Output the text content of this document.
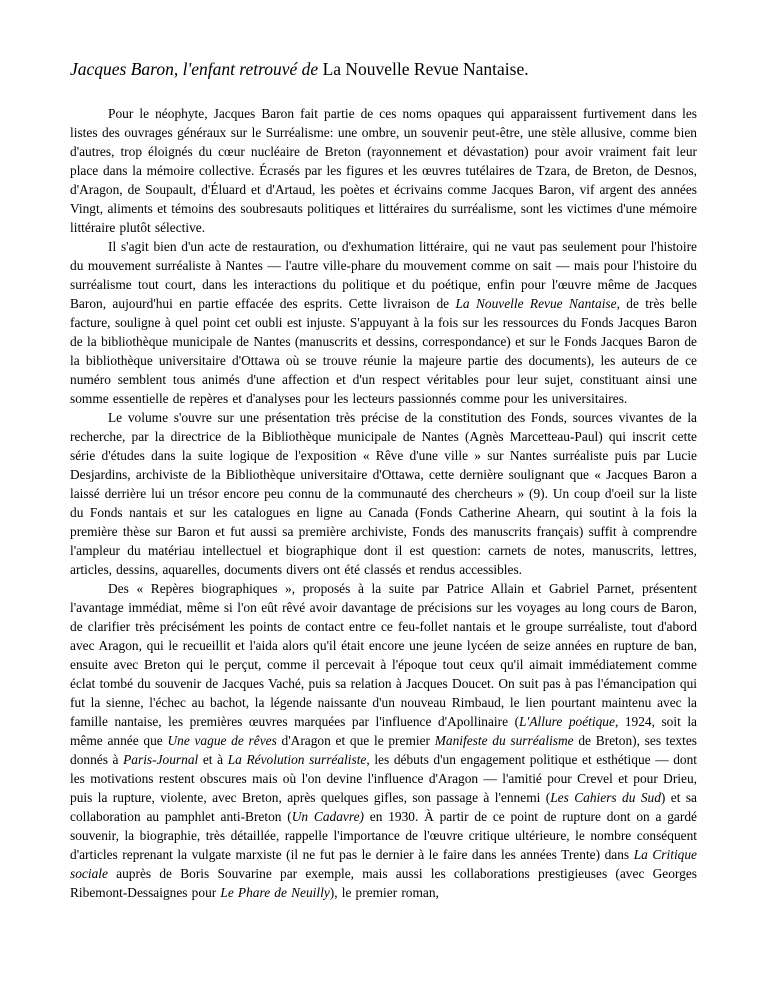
Jacques Baron, l'enfant retrouvé de La Nouvelle Revue Nantaise.

Pour le néophyte, Jacques Baron fait partie de ces noms opaques qui apparaissent furtivement dans les listes des ouvrages généraux sur le Surréalisme: une ombre, un souvenir peut-être, une stèle allusive, comme bien d'autres, trop éloignés du cœur nucléaire de Breton (rayonnement et dévastation) pour avoir vraiment fait leur place dans la mémoire collective. Écrasés par les figures et les œuvres tutélaires de Tzara, de Breton, de Desnos, d'Aragon, de Soupault, d'Éluard et d'Artaud, les poètes et écrivains comme Jacques Baron, vif argent des années Vingt, aliments et témoins des soubresauts politiques et littéraires du surréalisme, sont les victimes d'une mémoire littéraire plutôt sélective.

Il s'agit bien d'un acte de restauration, ou d'exhumation littéraire, qui ne vaut pas seulement pour l'histoire du mouvement surréaliste à Nantes — l'autre ville-phare du mouvement comme on sait — mais pour l'histoire du surréalisme tout court, dans les interactions du politique et du poétique, enfin pour l'œuvre même de Jacques Baron, aujourd'hui en partie effacée des esprits. Cette livraison de La Nouvelle Revue Nantaise, de très belle facture, souligne à quel point cet oubli est injuste. S'appuyant à la fois sur les ressources du Fonds Jacques Baron de la bibliothèque municipale de Nantes (manuscrits et dessins, correspondance) et sur le Fonds Jacques Baron de la bibliothèque universitaire d'Ottawa où se trouve réunie la majeure partie des documents), les auteurs de ce numéro semblent tous animés d'une affection et d'un respect véritables pour leur sujet, constituant ainsi une somme essentielle de repères et d'analyses pour les lecteurs passionnés comme pour les universitaires.

Le volume s'ouvre sur une présentation très précise de la constitution des Fonds, sources vivantes de la recherche, par la directrice de la Bibliothèque municipale de Nantes (Agnès Marcetteau-Paul) qui inscrit cette série d'études dans la suite logique de l'exposition « Rêve d'une ville » sur Nantes surréaliste puis par Lucie Desjardins, archiviste de la Bibliothèque universitaire d'Ottawa, cette dernière soulignant que « Jacques Baron a laissé derrière lui un trésor encore peu connu de la communauté des chercheurs » (9). Un coup d'oeil sur la liste du Fonds nantais et sur les catalogues en ligne au Canada (Fonds Catherine Ahearn, qui soutint à la fois la première thèse sur Baron et fut aussi sa première archiviste, Fonds des manuscrits français) suffit à comprendre l'ampleur du matériau intellectuel et biographique dont il est question: carnets de notes, manuscrits, lettres, articles, dessins, aquarelles, documents divers ont été classés et rendus accessibles.

Des « Repères biographiques », proposés à la suite par Patrice Allain et Gabriel Parnet, présentent l'avantage immédiat, même si l'on eût rêvé avoir davantage de précisions sur les voyages au long cours de Baron, de clarifier très précisément les points de contact entre ce feu-follet nantais et le groupe surréaliste, tout d'abord avec Aragon, qui le recueillit et l'aida alors qu'il était encore une jeune lycéen de seize années en rupture de ban, ensuite avec Breton qui le perçut, comme il percevait à l'époque tout ceux qu'il aimait immédiatement comme éclat tombé du souvenir de Jacques Vaché, puis sa relation à Jacques Doucet. On suit pas à pas l'émancipation qui fut la sienne, l'échec au bachot, la légende naissante d'un nouveau Rimbaud, le lien pourtant maintenu avec la famille nantaise, les premières œuvres marquées par l'influence d'Apollinaire (L'Allure poétique, 1924, soit la même année que Une vague de rêves d'Aragon et que le premier Manifeste du surréalisme de Breton), ses textes donnés à Paris-Journal et à La Révolution surréaliste, les débuts d'un engagement politique et esthétique — dont les motivations restent obscures mais où l'on devine l'influence d'Aragon — l'amitié pour Crevel et pour Drieu, puis la rupture, violente, avec Breton, après quelques gifles, son passage à l'ennemi (Les Cahiers du Sud) et sa collaboration au pamphlet anti-Breton (Un Cadavre) en 1930. À partir de ce point de rupture dont on a gardé souvenir, la biographie, très détaillée, rappelle l'importance de l'œuvre critique ultérieure, le nombre conséquent d'articles reprenant la vulgate marxiste (il ne fut pas le dernier à le faire dans les années Trente) dans La Critique sociale auprès de Boris Souvarine par exemple, mais aussi les collaborations prestigieuses (avec Georges Ribemont-Dessaignes pour Le Phare de Neuilly), le premier roman,
